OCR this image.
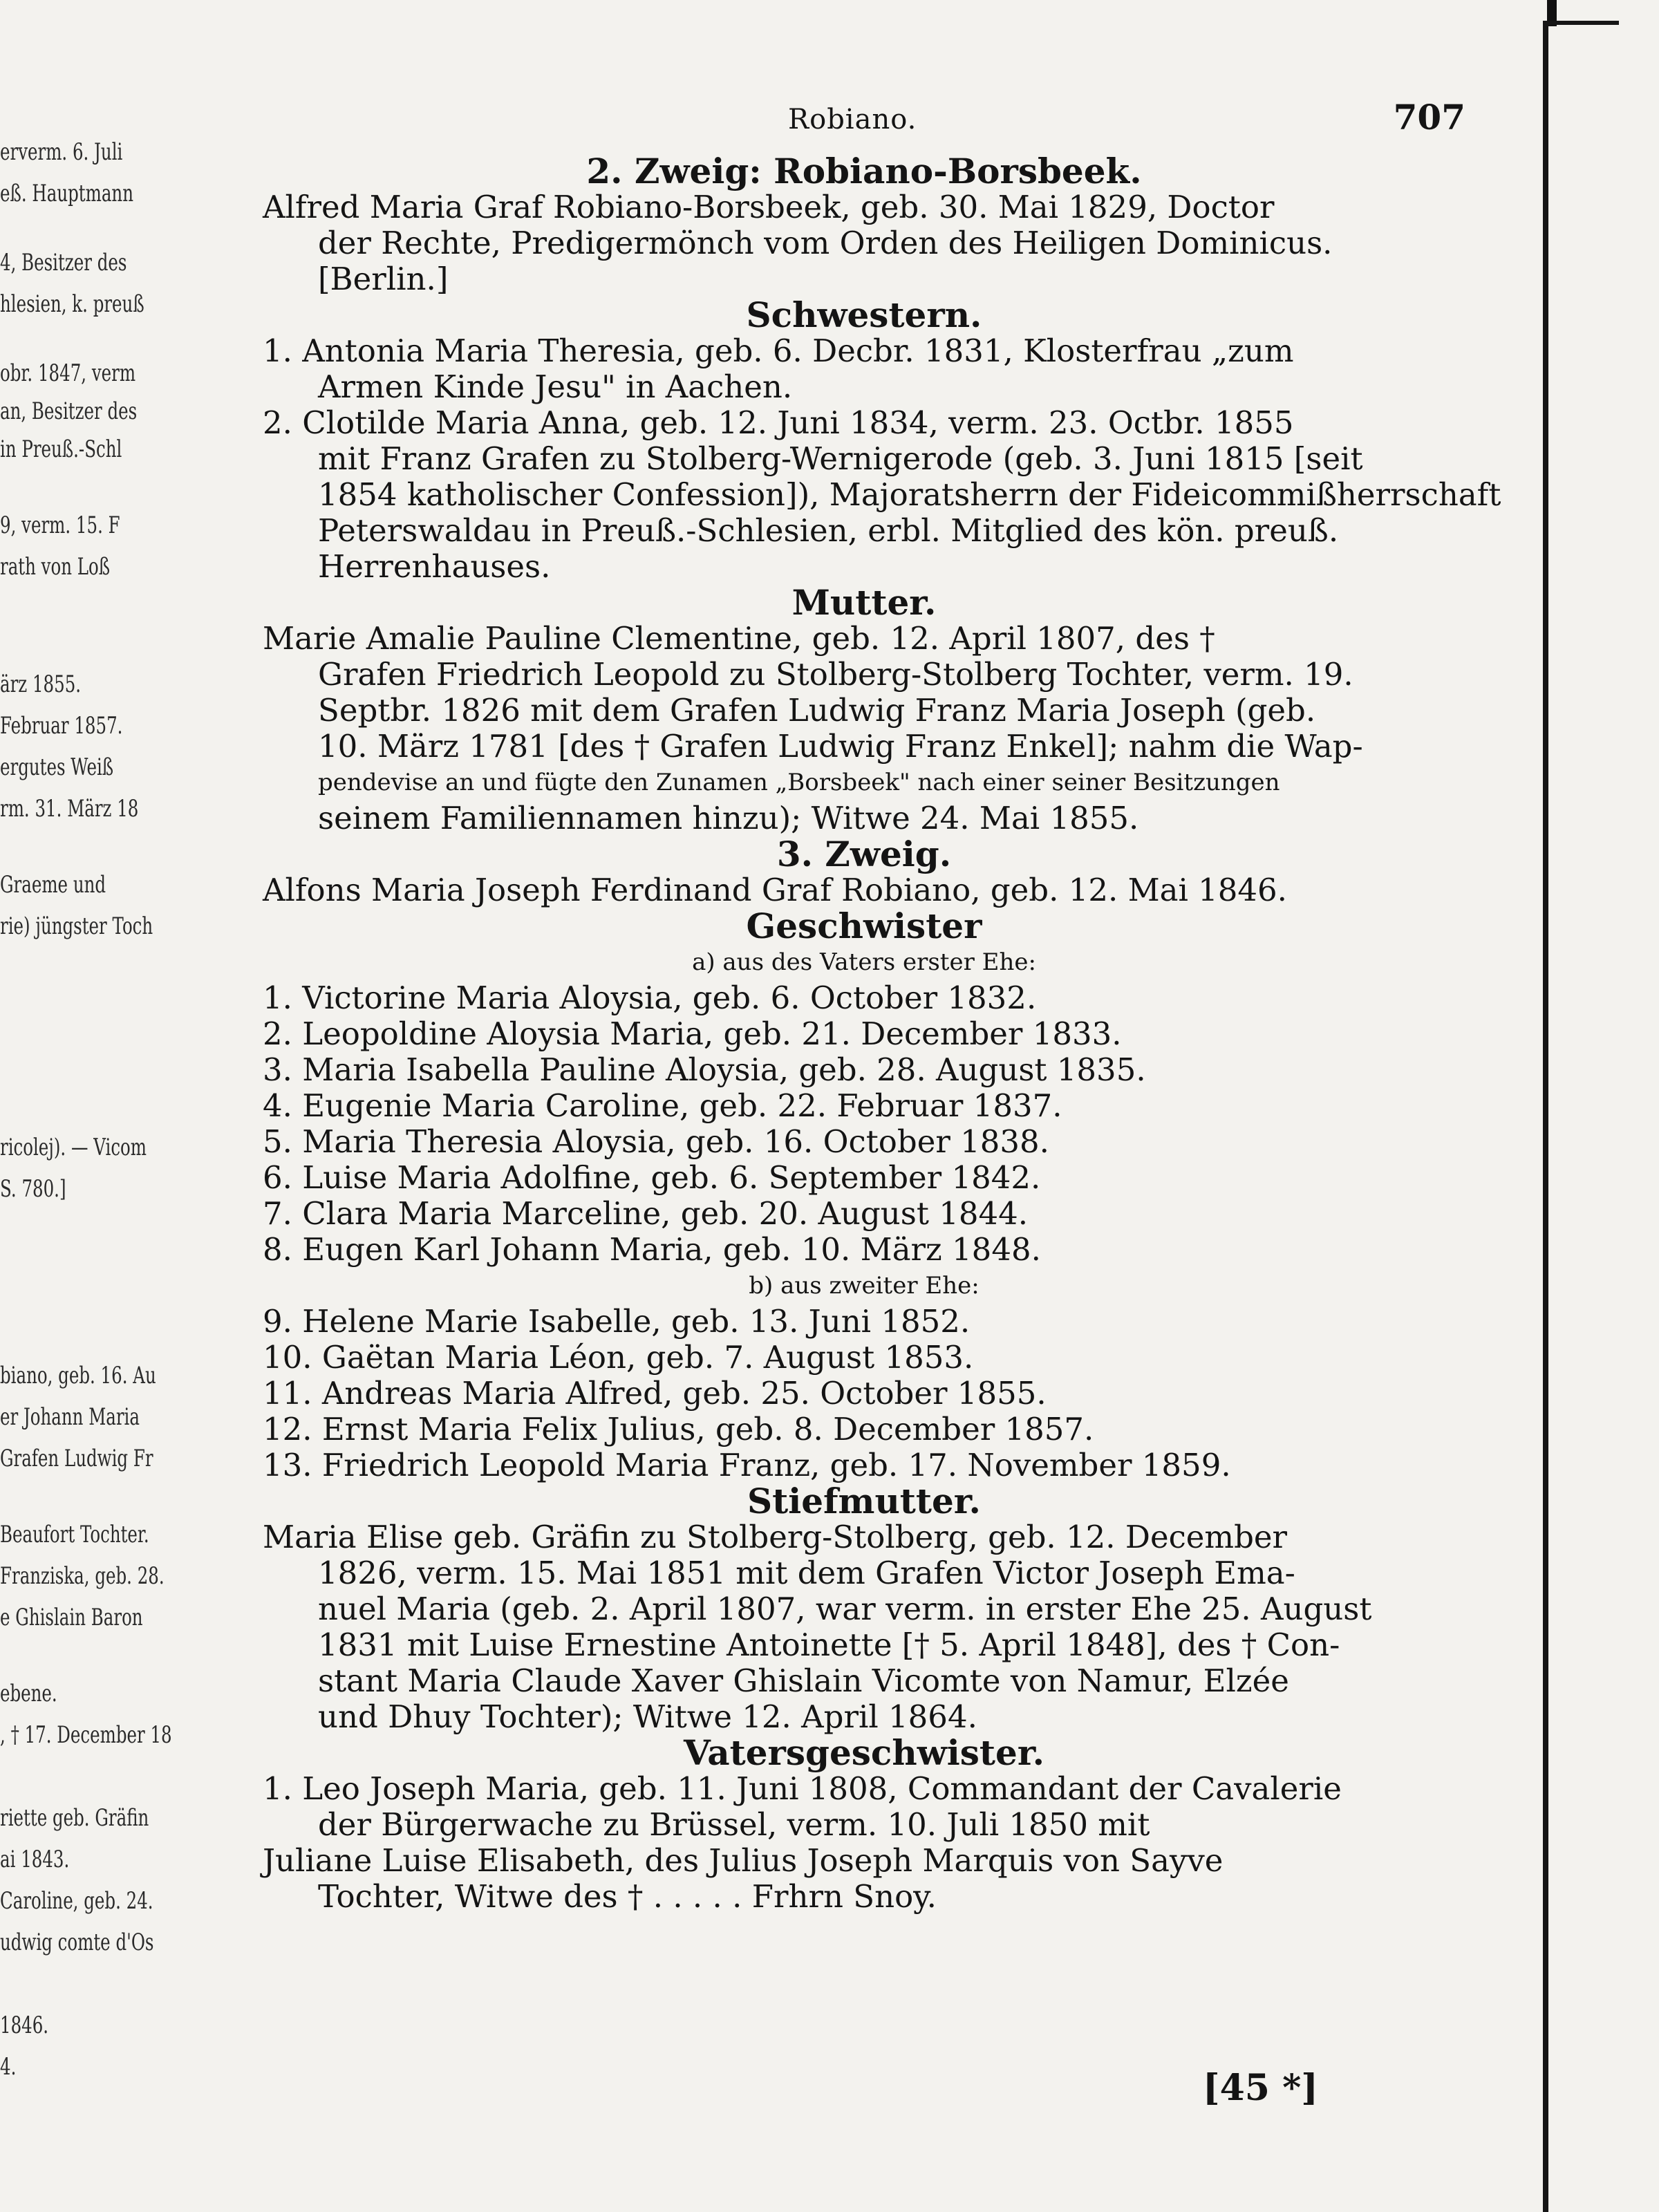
erverm. 6. Juli
eß. Hauptmann
4, Besitzer des
hlesien, k. preuß
obr. 1847, verm
an, Besitzer des
in Preuß.-Schl
9, verm. 15. F
rath von Loß
ärz 1855.
Februar 1857.
ergutes Weiß
rm. 31. März 18
Graeme und
rie) jüngster Toch
ricolej). — Vicom
S. 780.]
biano, geb. 16. Au
er Johann Maria
Grafen Ludwig Fr
Beaufort Tochter.
Franziska, geb. 28.
e Ghislain Baron
ebene.
, † 17. December 18
riette geb. Gräfin
ai 1843.
Caroline, geb. 24.
udwig comte d'Os
1846.
4.
Robiano.	707
2. Zweig: Robiano-Borsbeek.
Alfred Maria Graf Robiano-Borsbeek, geb. 30. Mai 1829, Doctor
der Rechte, Predigermönch vom Orden des Heiligen Dominicus.
[Berlin.]
Schwestern.
1. Antonia Maria Theresia, geb. 6. Decbr. 1831, Klosterfrau „zum
Armen Kinde Jesu" in Aachen.
2. Clotilde Maria Anna, geb. 12. Juni 1834, verm. 23. Octbr. 1855
mit Franz Grafen zu Stolberg-Wernigerode (geb. 3. Juni 1815 [seit
1854 katholischer Confession]), Majoratsherrn der Fideicommißherrschaft
Peterswaldau in Preuß.-Schlesien, erbl. Mitglied des kön. preuß.
Herrenhauses.
Mutter.
Marie Amalie Pauline Clementine, geb. 12. April 1807, des †
Grafen Friedrich Leopold zu Stolberg-Stolberg Tochter, verm. 19.
Septbr. 1826 mit dem Grafen Ludwig Franz Maria Joseph (geb.
10. März 1781 [des † Grafen Ludwig Franz Enkel]; nahm die Wap-
pendevise an und fügte den Zunamen „Borsbeek" nach einer seiner Besitzungen
seinem Familiennamen hinzu); Witwe 24. Mai 1855.
3. Zweig.
Alfons Maria Joseph Ferdinand Graf Robiano, geb. 12. Mai 1846.
Geschwister
a) aus des Vaters erster Ehe:
1. Victorine Maria Aloysia, geb. 6. October 1832.
2. Leopoldine Aloysia Maria, geb. 21. December 1833.
3. Maria Isabella Pauline Aloysia, geb. 28. August 1835.
4. Eugenie Maria Caroline, geb. 22. Februar 1837.
5. Maria Theresia Aloysia, geb. 16. October 1838.
6. Luise Maria Adolfine, geb. 6. September 1842.
7. Clara Maria Marceline, geb. 20. August 1844.
8. Eugen Karl Johann Maria, geb. 10. März 1848.
b) aus zweiter Ehe:
9. Helene Marie Isabelle, geb. 13. Juni 1852.
10. Gaëtan Maria Léon, geb. 7. August 1853.
11. Andreas Maria Alfred, geb. 25. October 1855.
12. Ernst Maria Felix Julius, geb. 8. December 1857.
13. Friedrich Leopold Maria Franz, geb. 17. November 1859.
Stiefmutter.
Maria Elise geb. Gräfin zu Stolberg-Stolberg, geb. 12. December
1826, verm. 15. Mai 1851 mit dem Grafen Victor Joseph Ema-
nuel Maria (geb. 2. April 1807, war verm. in erster Ehe 25. August
1831 mit Luise Ernestine Antoinette [† 5. April 1848], des † Con-
stant Maria Claude Xaver Ghislain Vicomte von Namur, Elzée
und Dhuy Tochter); Witwe 12. April 1864.
Vatersgeschwister.
1. Leo Joseph Maria, geb. 11. Juni 1808, Commandant der Cavalerie
der Bürgerwache zu Brüssel, verm. 10. Juli 1850 mit
Juliane Luise Elisabeth, des Julius Joseph Marquis von Sayve
Tochter, Witwe des † . . . . . Frhrn Snoy.
[45 *]
